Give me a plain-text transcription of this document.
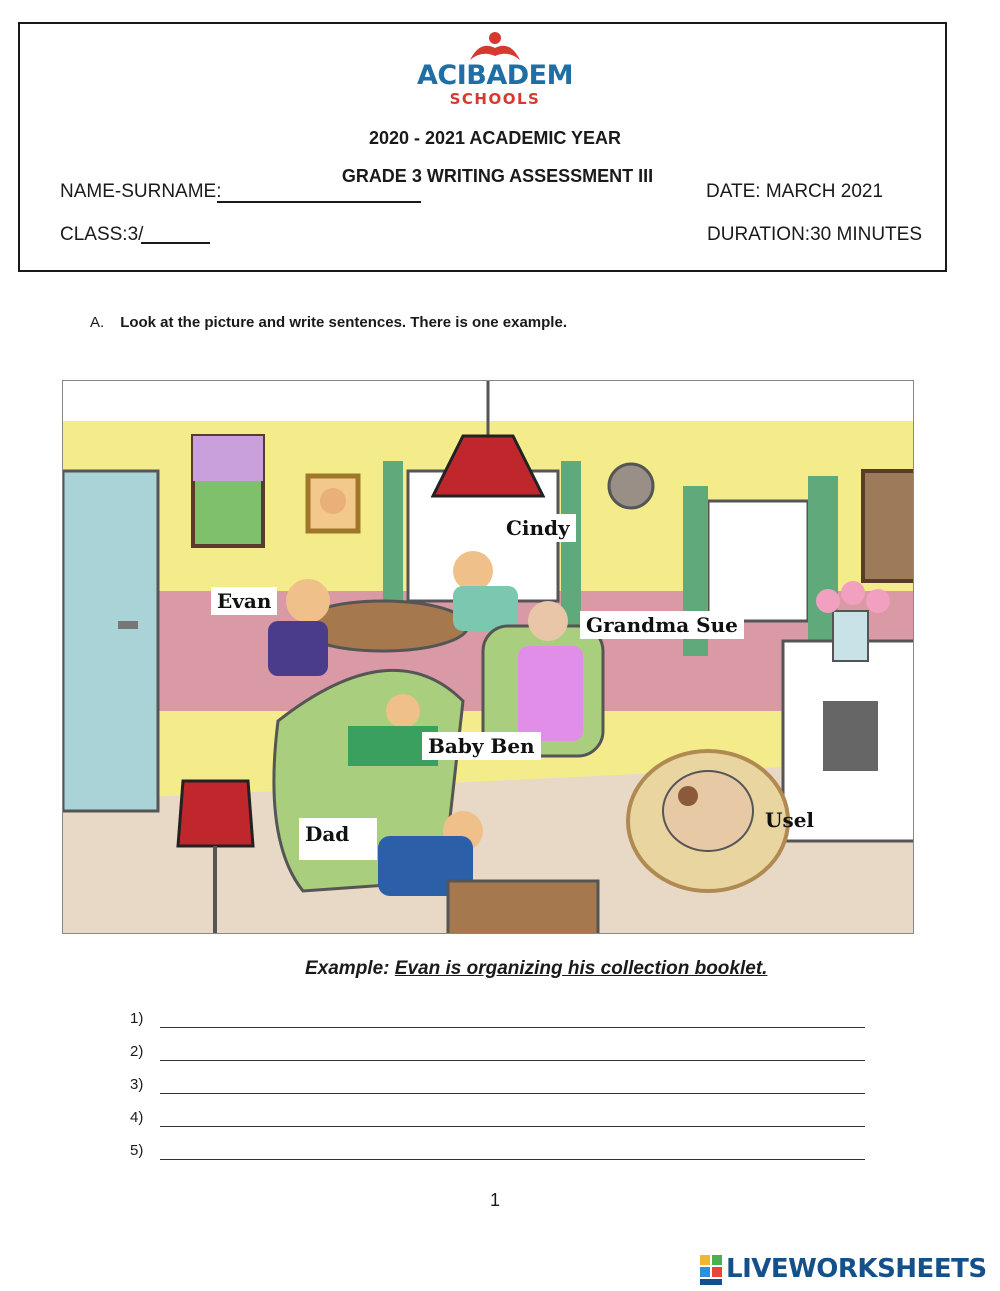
ACIBADEM
SCHOOLS
2020 - 2021 ACADEMIC YEAR
GRADE 3 WRITING ASSESSMENT III
NAME-SURNAME:
CLASS:3/
DATE: MARCH 2021
DURATION:30 MINUTES
A. Look at the picture and write sentences. There is one example.
Cindy
Evan
Grandma Sue
Baby Ben
Dad
Usel
Example: Evan is organizing his collection booklet.
1)
2)
3)
4)
5)
1
LIVEWORKSHEETS
